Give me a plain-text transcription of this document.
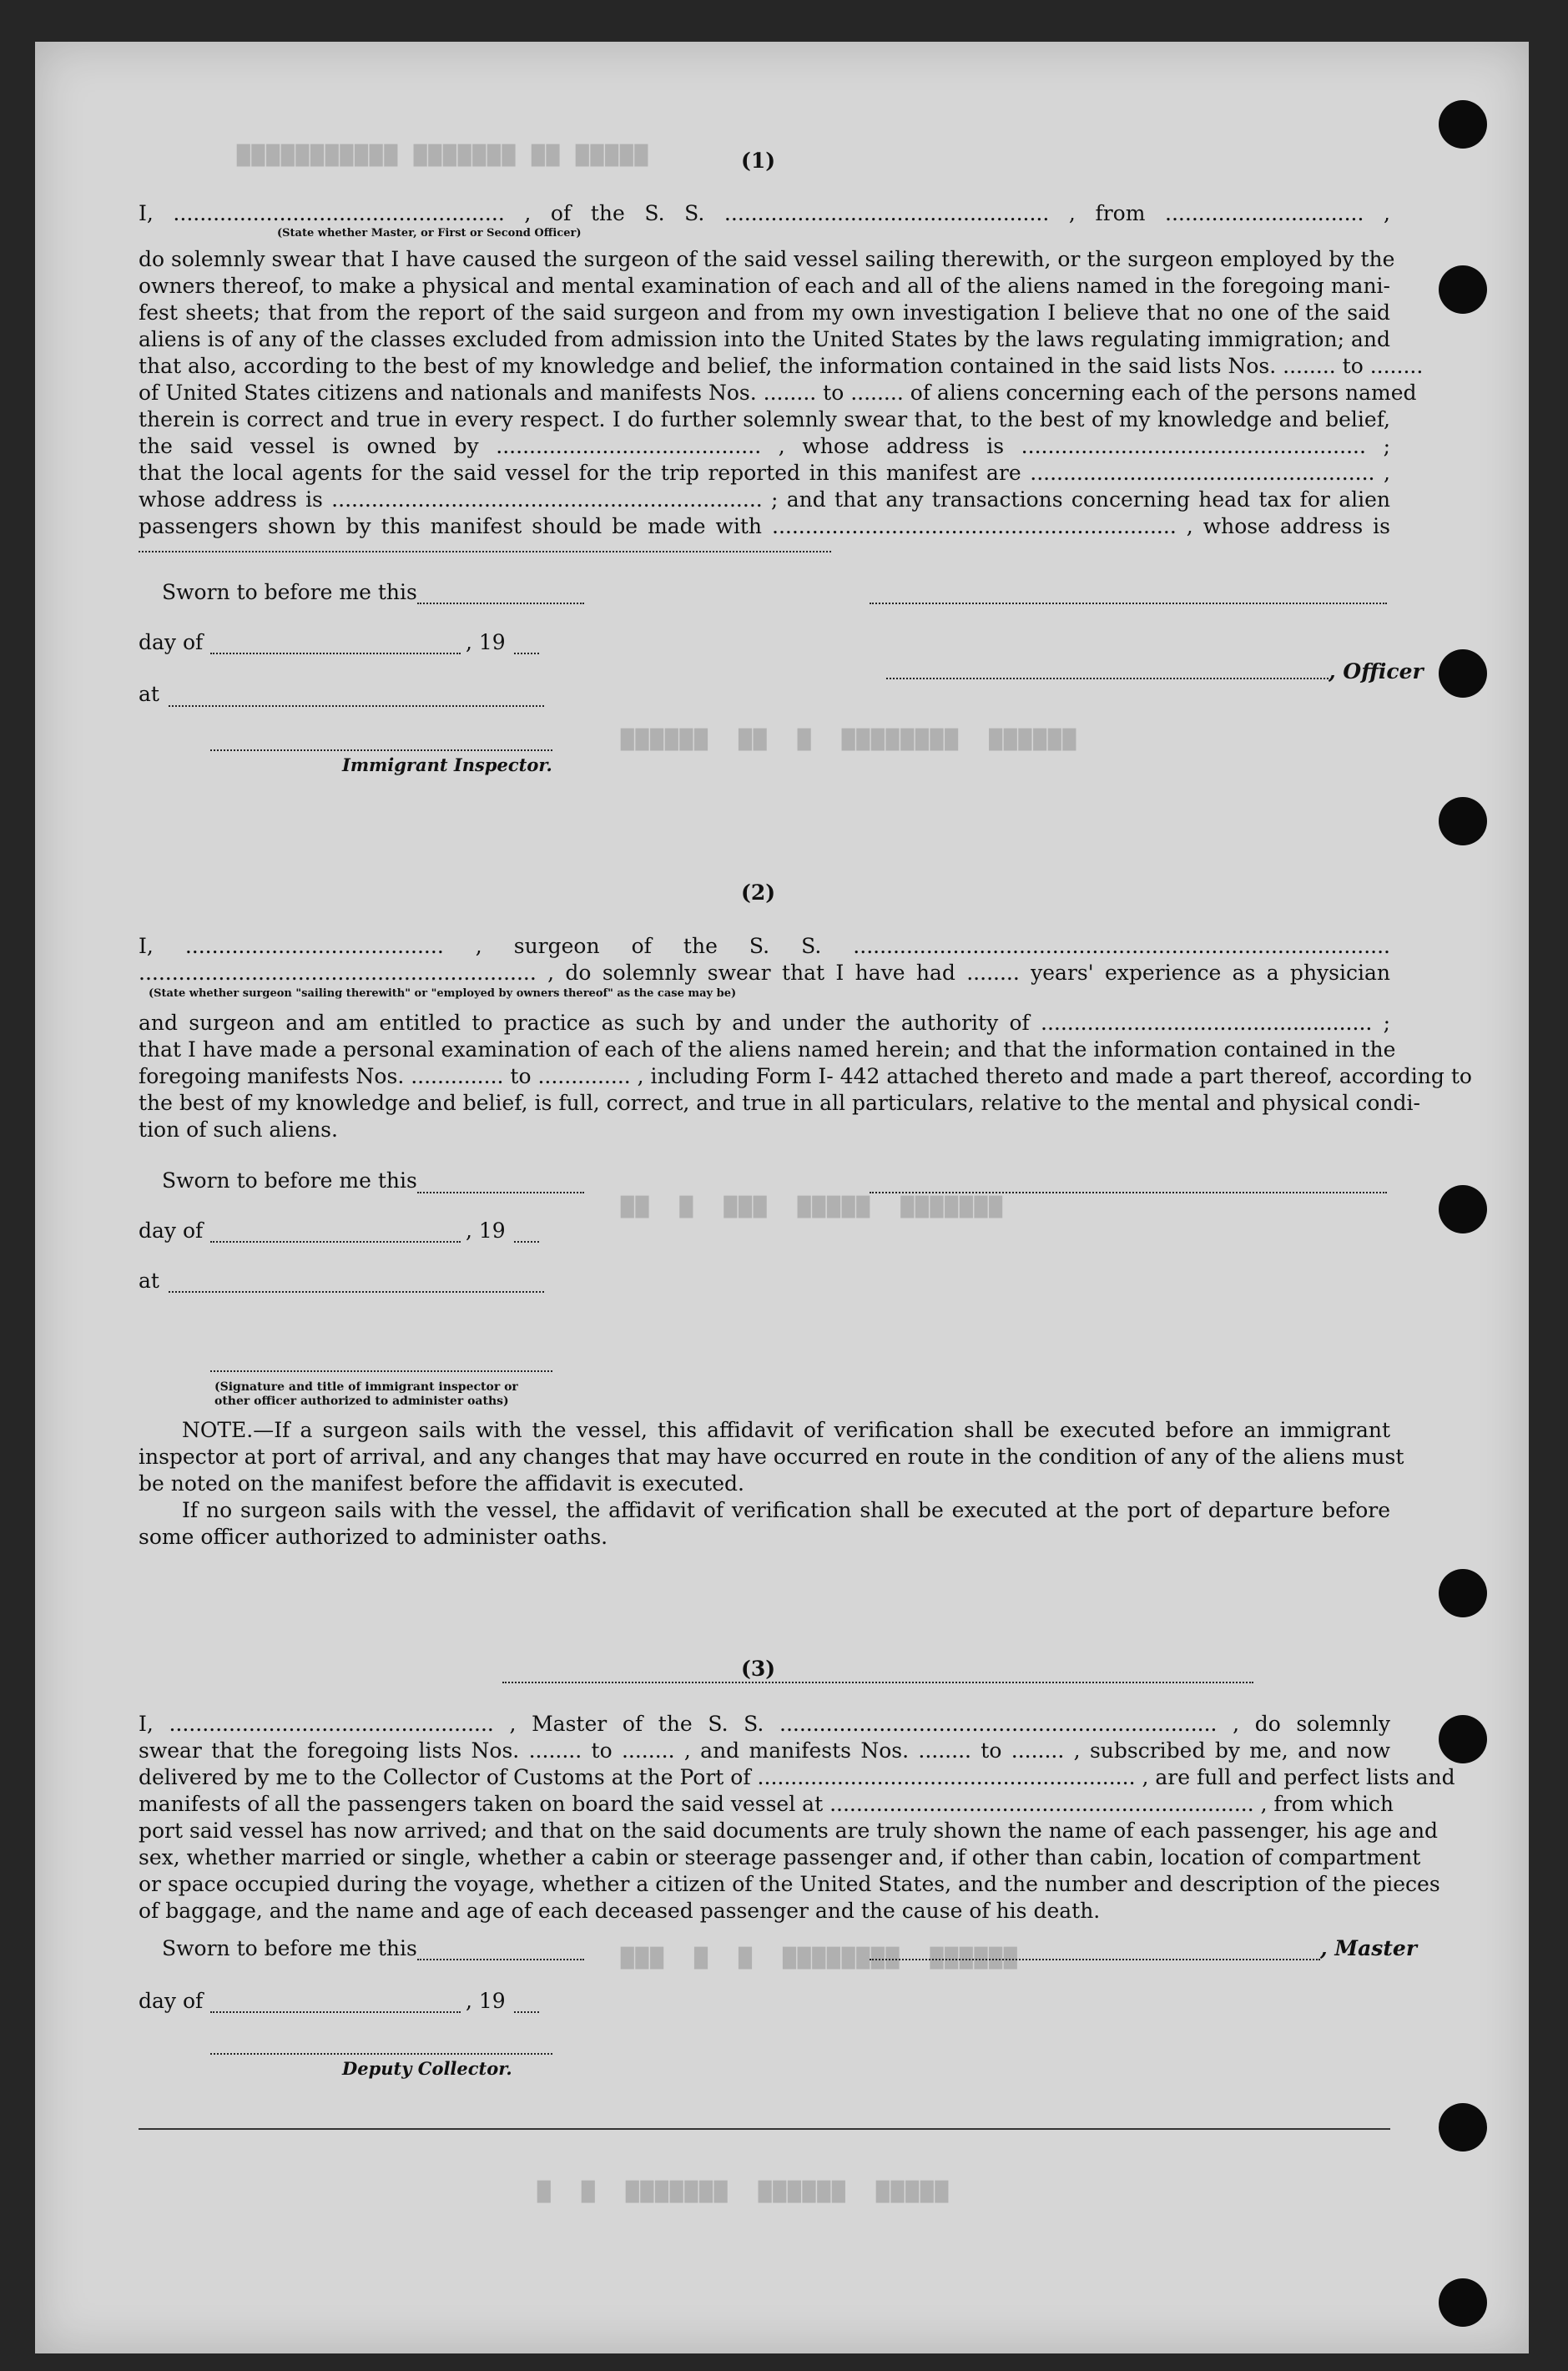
▇▇▇▇▇ ▇▇ ▇▇▇▇▇▇▇ ▇▇▇▇▇▇▇▇▇▇▇
▇▇▇▇▇▇  ▇▇▇▇▇▇▇▇  ▇  ▇▇  ▇▇▇▇▇▇
▇▇▇▇▇▇▇  ▇▇▇▇▇  ▇▇▇  ▇  ▇▇
▇▇▇▇▇▇  ▇▇▇▇▇▇▇▇  ▇  ▇  ▇▇▇
▇▇▇▇▇  ▇▇▇▇▇▇  ▇▇▇▇▇▇▇  ▇  ▇
(1)
I, .................................................. , of the S. S. ................................................. , from .............................. ,
(State whether Master, or First or Second Officer)
do solemnly swear that I have caused the surgeon of the said vessel sailing therewith, or the surgeon employed by the
owners thereof, to make a physical and mental examination of each and all of the aliens named in the foregoing mani-
fest sheets; that from the report of the said surgeon and from my own investigation I believe that no one of the said
aliens is of any of the classes excluded from admission into the United States by the laws regulating immigration; and
that also, according to the best of my knowledge and belief, the information contained in the said lists Nos. ........ to ........
of United States citizens and nationals and manifests Nos. ........ to ........ of aliens concerning each of the persons named
therein is correct and true in every respect. I do further solemnly swear that, to the best of my knowledge and belief,
the said vessel is owned by ........................................ , whose address is .................................................... ;
that the local agents for the said vessel for the trip reported in this manifest are .................................................... ,
whose address is ................................................................. ; and that any transactions concerning head tax for alien
passengers shown by this manifest should be made with ............................................................. , whose address is
Sworn to before me this
day of	, 19
, Officer
at
Immigrant Inspector.
(2)
I, ....................................... , surgeon of the S. S. .................................................................................
............................................................ , do solemnly swear that I have had ........ years' experience as a physician
(State whether surgeon "sailing therewith" or "employed by owners thereof" as the case may be)
and surgeon and am entitled to practice as such by and under the authority of .................................................. ;
that I have made a personal examination of each of the aliens named herein; and that the information contained in the
foregoing manifests Nos. .............. to .............. , including Form I- 442 attached thereto and made a part thereof, according to
the best of my knowledge and belief, is full, correct, and true in all particulars, relative to the mental and physical condi-
tion of such aliens.
Sworn to before me this
day of	, 19
at
(Signature and title of immigrant inspector or
other officer authorized to administer oaths)
NOTE.—If a surgeon sails with the vessel, this affidavit of verification shall be executed before an immigrant
inspector at port of arrival, and any changes that may have occurred en route in the condition of any of the aliens must
be noted on the manifest before the affidavit is executed.
If no surgeon sails with the vessel, the affidavit of verification shall be executed at the port of departure before
some officer authorized to administer oaths.
(3)
I, ................................................. , Master of the S. S. .................................................................. , do solemnly
swear that the foregoing lists Nos. ........ to ........ , and manifests Nos. ........ to ........ , subscribed by me, and now
delivered by me to the Collector of Customs at the Port of ......................................................... , are full and perfect lists and
manifests of all the passengers taken on board the said vessel at ................................................................ , from which
port said vessel has now arrived; and that on the said documents are truly shown the name of each passenger, his age and
sex, whether married or single, whether a cabin or steerage passenger and, if other than cabin, location of compartment
or space occupied during the voyage, whether a citizen of the United States, and the number and description of the pieces
of baggage, and the name and age of each deceased passenger and the cause of his death.
Sworn to before me this	, Master
day of	, 19
Deputy Collector.
